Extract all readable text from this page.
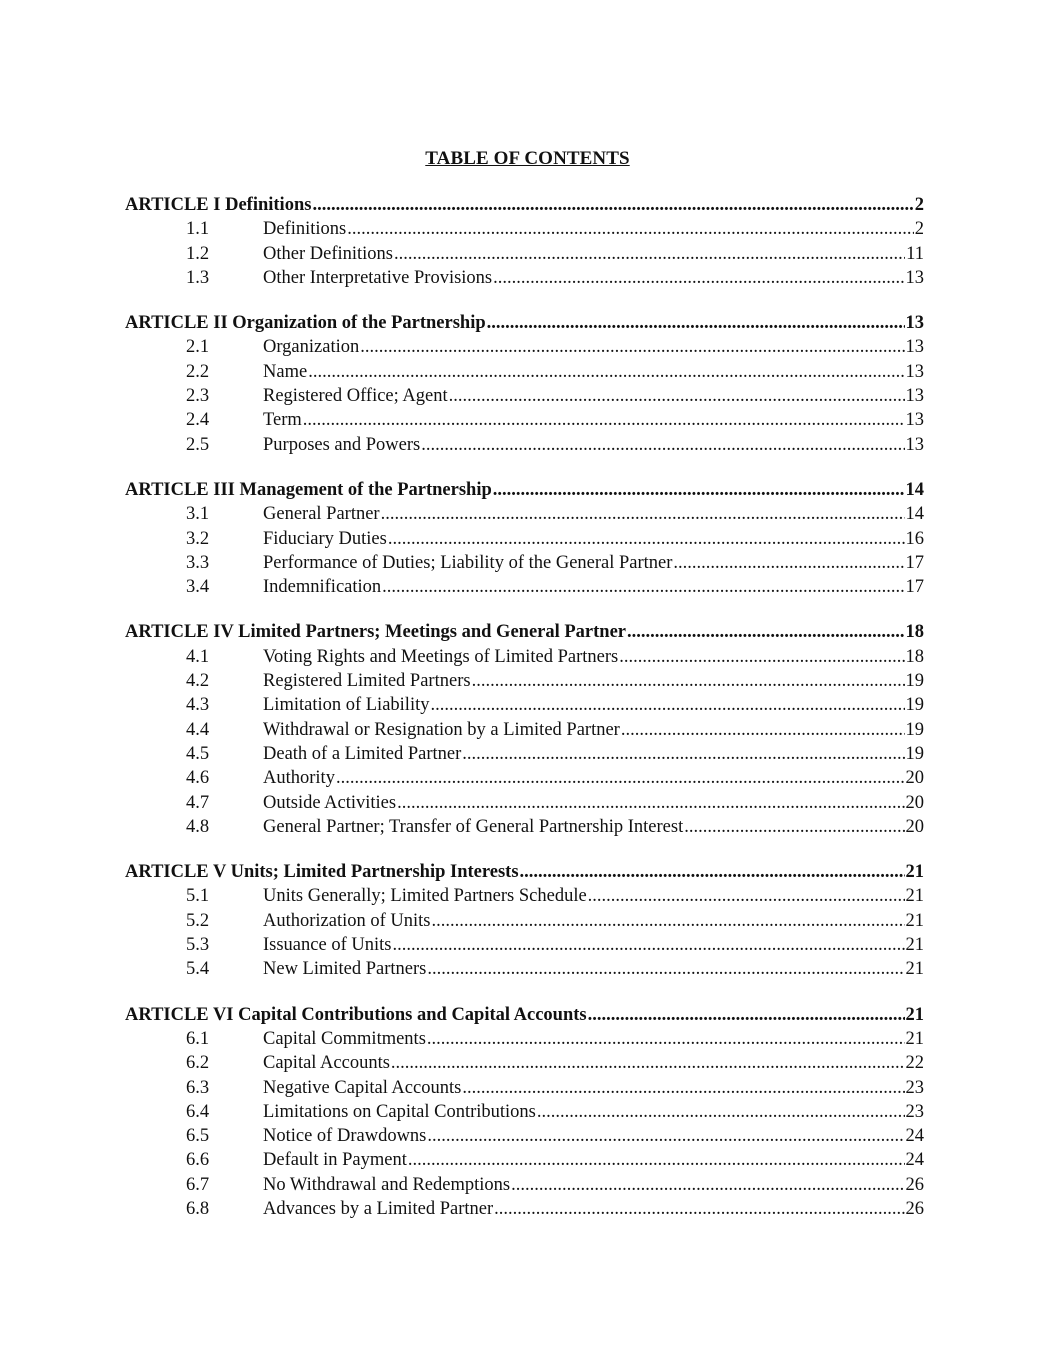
TABLE OF CONTENTS
ARTICLE I Definitions .....	2
1.1	Definitions .....	2
1.2	Other Definitions .....	11
1.3	Other Interpretative Provisions .....	13
ARTICLE II Organization of the Partnership .....	13
2.1	Organization .....	13
2.2	Name .....	13
2.3	Registered Office; Agent .....	13
2.4	Term .....	13
2.5	Purposes and Powers .....	13
ARTICLE III Management of the Partnership .....	14
3.1	General Partner .....	14
3.2	Fiduciary Duties .....	16
3.3	Performance of Duties; Liability of the General Partner .....	17
3.4	Indemnification .....	17
ARTICLE IV Limited Partners; Meetings and General Partner .....	18
4.1	Voting Rights and Meetings of Limited Partners .....	18
4.2	Registered Limited Partners .....	19
4.3	Limitation of Liability .....	19
4.4	Withdrawal or Resignation by a Limited Partner .....	19
4.5	Death of a Limited Partner .....	19
4.6	Authority .....	20
4.7	Outside Activities .....	20
4.8	General Partner; Transfer of General Partnership Interest .....	20
ARTICLE V Units; Limited Partnership Interests .....	21
5.1	Units Generally; Limited Partners Schedule .....	21
5.2	Authorization of Units .....	21
5.3	Issuance of Units .....	21
5.4	New Limited Partners .....	21
ARTICLE VI Capital Contributions and Capital Accounts .....	21
6.1	Capital Commitments .....	21
6.2	Capital Accounts .....	22
6.3	Negative Capital Accounts .....	23
6.4	Limitations on Capital Contributions .....	23
6.5	Notice of Drawdowns .....	24
6.6	Default in Payment .....	24
6.7	No Withdrawal and Redemptions .....	26
6.8	Advances by a Limited Partner .....	26
